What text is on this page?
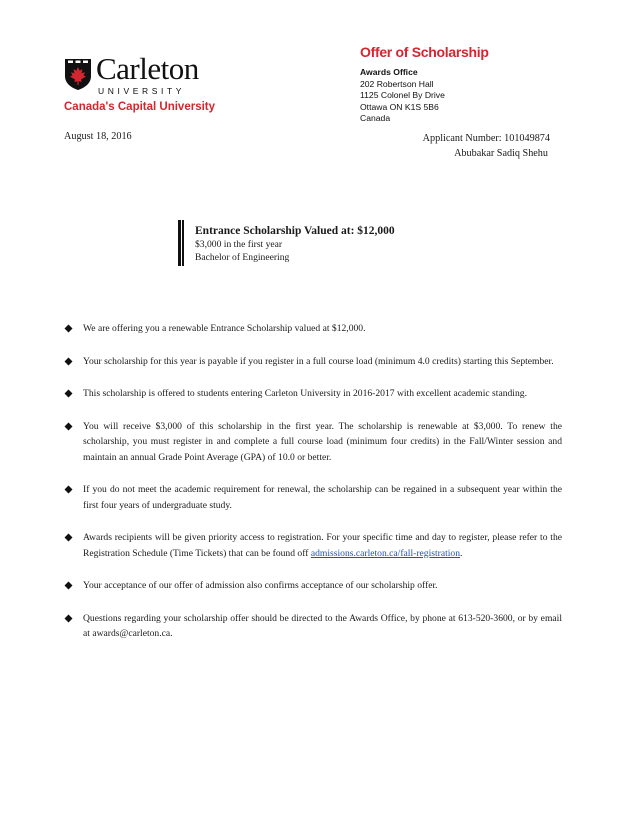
Carleton
UNIVERSITY
Canada's Capital University
Offer of Scholarship
Awards Office
202 Robertson Hall
1125 Colonel By Drive
Ottawa ON K1S 5B6
Canada
August 18, 2016	Applicant Number: 101049874
Abubakar Sadiq Shehu
Entrance Scholarship Valued at: $12,000
$3,000 in the first year
Bachelor of Engineering
We are offering you a renewable Entrance Scholarship valued at $12,000.
Your scholarship for this year is payable if you register in a full course load (minimum 4.0 credits) starting this September.
This scholarship is offered to students entering Carleton University in 2016-2017 with excellent academic standing.
You will receive $3,000 of this scholarship in the first year. The scholarship is renewable at $3,000. To renew the scholarship, you must register in and complete a full course load (minimum four credits) in the Fall/Winter session and maintain an annual Grade Point Average (GPA) of 10.0 or better.
If you do not meet the academic requirement for renewal, the scholarship can be regained in a subsequent year within the first four years of undergraduate study.
Awards recipients will be given priority access to registration. For your specific time and day to register, please refer to the Registration Schedule (Time Tickets) that can be found off admissions.carleton.ca/fall-registration.
Your acceptance of our offer of admission also confirms acceptance of our scholarship offer.
Questions regarding your scholarship offer should be directed to the Awards Office, by phone at 613-520-3600, or by email at awards@carleton.ca.
